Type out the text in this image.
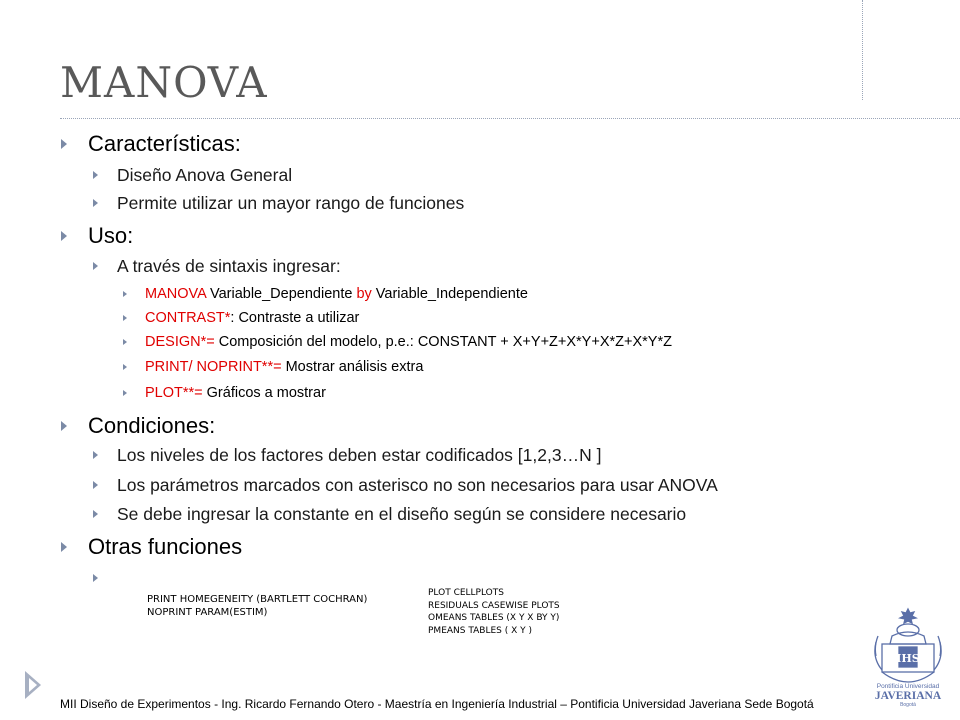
MANOVA
Características:
Diseño Anova General
Permite utilizar un mayor rango de funciones
Uso:
A través de sintaxis ingresar:
MANOVA Variable_Dependiente by Variable_Independiente
CONTRAST*: Contraste a utilizar
DESIGN*= Composición del modelo, p.e.: CONSTANT + X+Y+Z+X*Y+X*Z+X*Y*Z
PRINT/ NOPRINT**= Mostrar análisis extra
PLOT**= Gráficos a mostrar
Condiciones:
Los niveles de los factores deben estar codificados [1,2,3…N ]
Los parámetros marcados con asterisco no son necesarios para usar ANOVA
Se debe ingresar la constante en el diseño según se considere necesario
Otras funciones
PRINT HOMEGENEITY (BARTLETT COCHRAN)
NOPRINT PARAM(ESTIM)
PLOT CELLPLOTS
RESIDUALS CASEWISE PLOTS
OMEANS TABLES (X Y X BY Y)
PMEANS TABLES ( X Y )
IHS
Pontificia Universidad
JAVERIANA
Bogotá
MII Diseño de Experimentos - Ing. Ricardo Fernando Otero - Maestría en Ingeniería Industrial – Pontificia Universidad Javeriana Sede Bogotá
